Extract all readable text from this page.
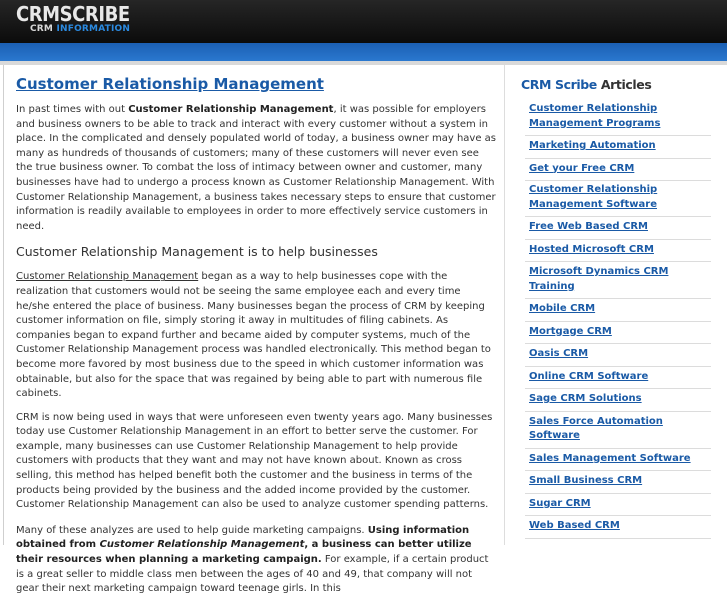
CRMSCRIBE
CRM INFORMATION
Customer Relationship Management

In past times with out Customer Relationship Management, it was possible for employers and business owners to be able to track and interact with every customer without a system in place. In the complicated and densely populated world of today, a business owner may have as many as hundreds of thousands of customers; many of these customers will never even see the true business owner. To combat the loss of intimacy between owner and customer, many businesses have had to undergo a process known as Customer Relationship Management. With Customer Relationship Management, a business takes necessary steps to ensure that customer information is readily available to employees in order to more effectively service customers in need.

Customer Relationship Management is to help businesses

Customer Relationship Management began as a way to help businesses cope with the realization that customers would not be seeing the same employee each and every time he/she entered the place of business. Many businesses began the process of CRM by keeping customer information on file, simply storing it away in multitudes of filing cabinets. As companies began to expand further and became aided by computer systems, much of the Customer Relationship Management process was handled electronically. This method began to become more favored by most business due to the speed in which customer information was obtainable, but also for the space that was regained by being able to part with numerous file cabinets.

CRM is now being used in ways that were unforeseen even twenty years ago. Many businesses today use Customer Relationship Management in an effort to better serve the customer. For example, many businesses can use Customer Relationship Management to help provide customers with products that they want and may not have known about. Known as cross selling, this method has helped benefit both the customer and the business in terms of the products being provided by the business and the added income provided by the customer. Customer Relationship Management can also be used to analyze customer spending patterns.

Many of these analyzes are used to help guide marketing campaigns. Using information obtained from Customer Relationship Management, a business can better utilize their resources when planning a marketing campaign. For example, if a certain product is a great seller to middle class men between the ages of 40 and 49, that company will not gear their next marketing campaign toward teenage girls. In this

CRM Scribe Articles
Customer Relationship Management Programs
Marketing Automation
Get your Free CRM
Customer Relationship Management Software
Free Web Based CRM
Hosted Microsoft CRM
Microsoft Dynamics CRM Training
Mobile CRM
Mortgage CRM
Oasis CRM
Online CRM Software
Sage CRM Solutions
Sales Force Automation Software
Sales Management Software
Small Business CRM
Sugar CRM
Web Based CRM
